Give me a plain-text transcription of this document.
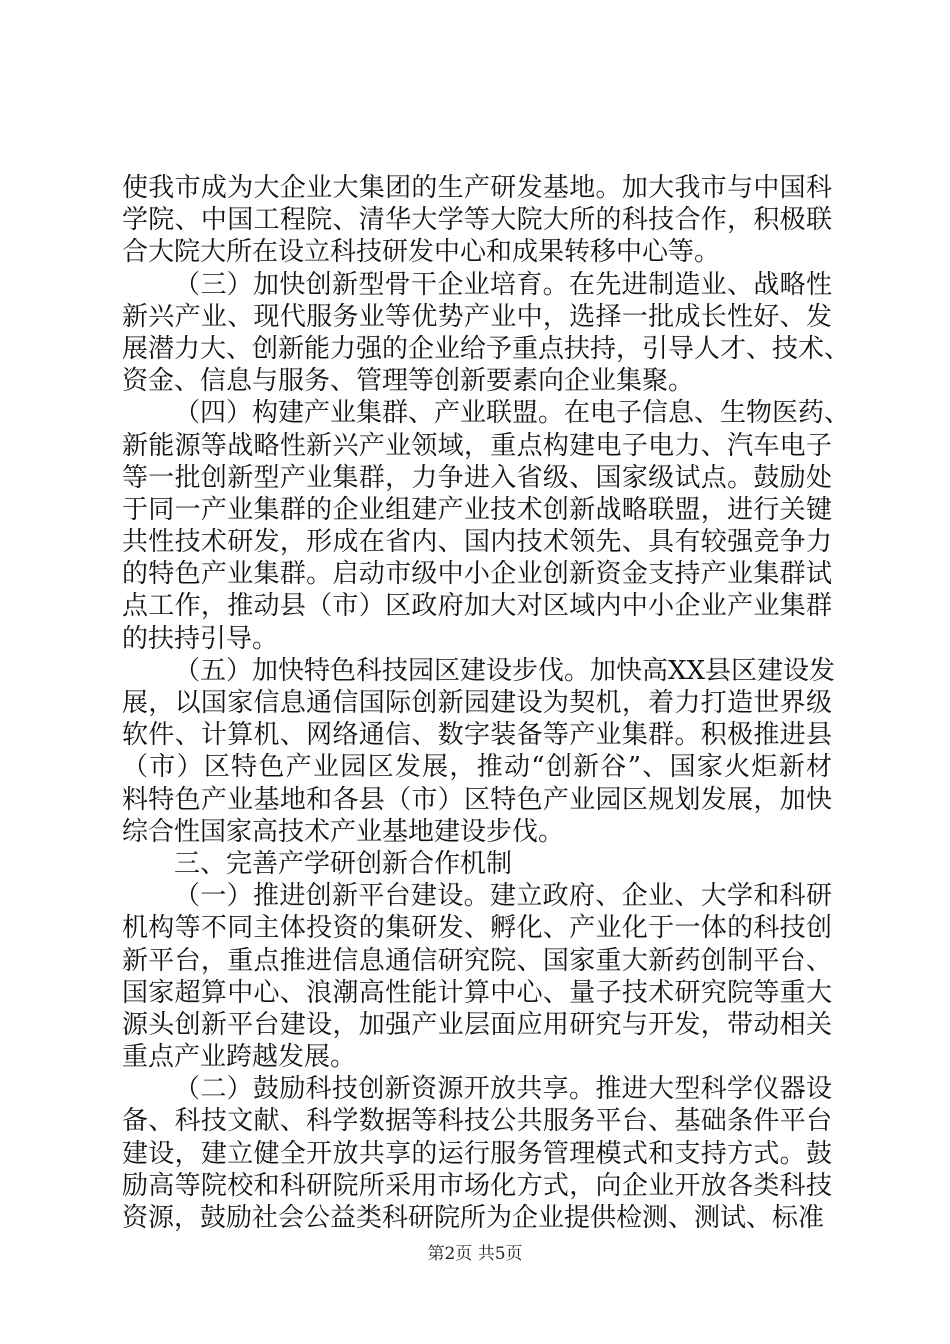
使我市成为大企业大集团的生产研发基地。加大我市与中国科
学院、中国工程院、清华大学等大院大所的科技合作，积极联
合大院大所在设立科技研发中心和成果转移中心等。
（三）加快创新型骨干企业培育。在先进制造业、战略性
新兴产业、现代服务业等优势产业中，选择一批成长性好、发
展潜力大、创新能力强的企业给予重点扶持，引导人才、技术、
资金、信息与服务、管理等创新要素向企业集聚。
（四）构建产业集群、产业联盟。在电子信息、生物医药、
新能源等战略性新兴产业领域，重点构建电子电力、汽车电子
等一批创新型产业集群，力争进入省级、国家级试点。鼓励处
于同一产业集群的企业组建产业技术创新战略联盟，进行关键
共性技术研发，形成在省内、国内技术领先、具有较强竞争力
的特色产业集群。启动市级中小企业创新资金支持产业集群试
点工作，推动县（市）区政府加大对区域内中小企业产业集群
的扶持引导。
（五）加快特色科技园区建设步伐。加快高XX县区建设发
展，以国家信息通信国际创新园建设为契机，着力打造世界级
软件、计算机、网络通信、数字装备等产业集群。积极推进县
（市）区特色产业园区发展，推动“创新谷”、国家火炬新材
料特色产业基地和各县（市）区特色产业园区规划发展，加快
综合性国家高技术产业基地建设步伐。
三、完善产学研创新合作机制
（一）推进创新平台建设。建立政府、企业、大学和科研
机构等不同主体投资的集研发、孵化、产业化于一体的科技创
新平台，重点推进信息通信研究院、国家重大新药创制平台、
国家超算中心、浪潮高性能计算中心、量子技术研究院等重大
源头创新平台建设，加强产业层面应用研究与开发，带动相关
重点产业跨越发展。
（二）鼓励科技创新资源开放共享。推进大型科学仪器设
备、科技文献、科学数据等科技公共服务平台、基础条件平台
建设，建立健全开放共享的运行服务管理模式和支持方式。鼓
励高等院校和科研院所采用市场化方式，向企业开放各类科技
资源，鼓励社会公益类科研院所为企业提供检测、测试、标准
第2页 共5页
